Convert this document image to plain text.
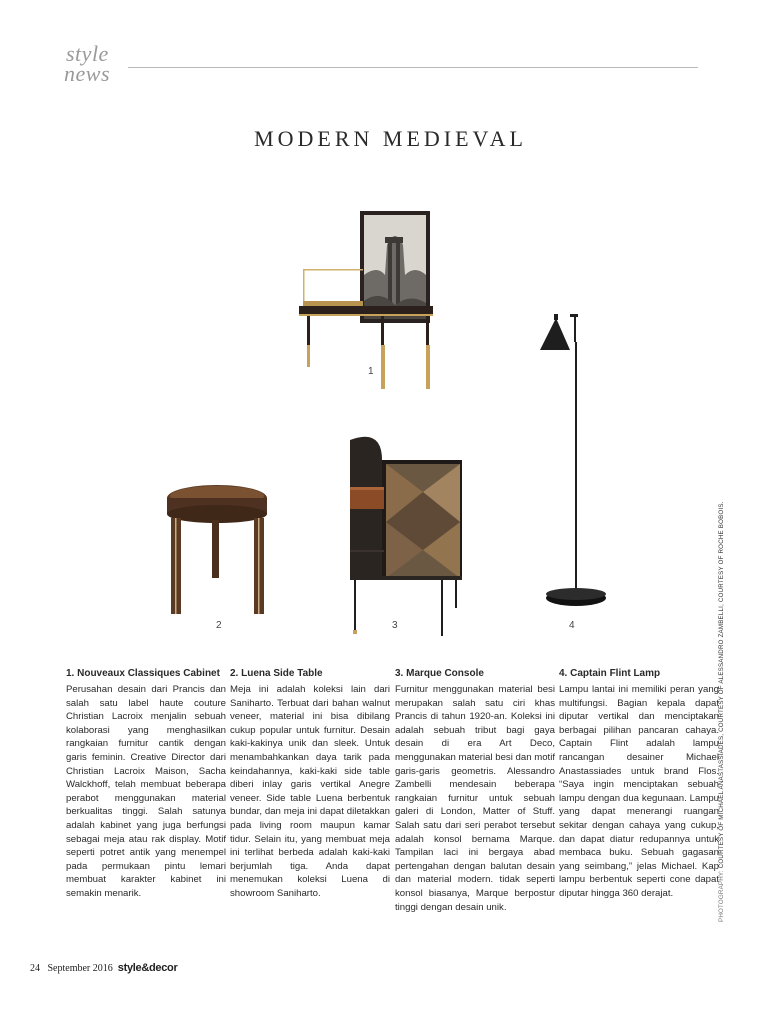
style
news
MODERN MEDIEVAL
1
2	3	4
1. Nouveaux Classiques Cabinet
Perusahan desain dari Prancis dan salah satu label haute couture Christian Lacroix menjalin sebuah kolaborasi yang menghasilkan rangkaian furnitur cantik dengan garis feminin. Creative Director dari Christian Lacroix Maison, Sacha Walckhoff, telah membuat beberapa perabot menggunakan material berkualitas tinggi. Salah satunya adalah kabinet yang juga berfungsi sebagai meja atau rak display. Motif seperti potret antik yang menempel pada permukaan pintu lemari membuat karakter kabinet ini semakin menarik.
2. Luena Side Table
Meja ini adalah koleksi lain dari Saniharto. Terbuat dari bahan walnut veneer, material ini bisa dibilang cukup popular untuk furnitur. Desain kaki-kakinya unik dan sleek. Untuk menambahkankan daya tarik pada keindahannya, kaki-kaki side table diberi inlay garis vertikal Anegre veneer. Side table Luena berbentuk bundar, dan meja ini dapat diletakkan pada living room maupun kamar tidur. Selain itu, yang membuat meja ini terlihat berbeda adalah kaki-kaki berjumlah tiga. Anda dapat menemukan koleksi Luena di showroom Saniharto.
3. Marque Console
Furnitur menggunakan material besi merupakan salah satu ciri khas Prancis di tahun 1920-an. Koleksi ini adalah sebuah tribut bagi gaya desain di era Art Deco, menggunakan material besi dan motif garis-garis geometris. Alessandro Zambelli mendesain beberapa rangkaian furnitur untuk sebuah galeri di London, Matter of Stuff. Salah satu dari seri perabot tersebut adalah konsol bernama Marque. Tampilan laci ini bergaya abad pertengahan dengan balutan desain dan material modern. tidak seperti konsol biasanya, Marque berpostur tinggi dengan desain unik.
4. Captain Flint Lamp
Lampu lantai ini memiliki peran yang multifungsi. Bagian kepala dapat diputar vertikal dan menciptakan berbagai pilihan pancaran cahaya. Captain Flint adalah lampu rancangan desainer Michael Anastassiades untuk brand Flos. “Saya ingin menciptakan sebuah lampu dengan dua kegunaan. Lampu yang dapat menerangi ruangan sekitar dengan cahaya yang cukup, dan dapat diatur redupannya untuk membaca buku. Sebuah gagasan yang seimbang,” jelas Michael. Kap lampu berbentuk seperti cone dapat diputar hingga 360 derajat.	PHOTOGRAPHY: COURTESY OF MICHAEL ANASTASSIADES, COURTESY OF ALESSANDRO ZAMBELLI, COURTESY OF ROCHE BOBOIS.
24 September 2016 style&decor
